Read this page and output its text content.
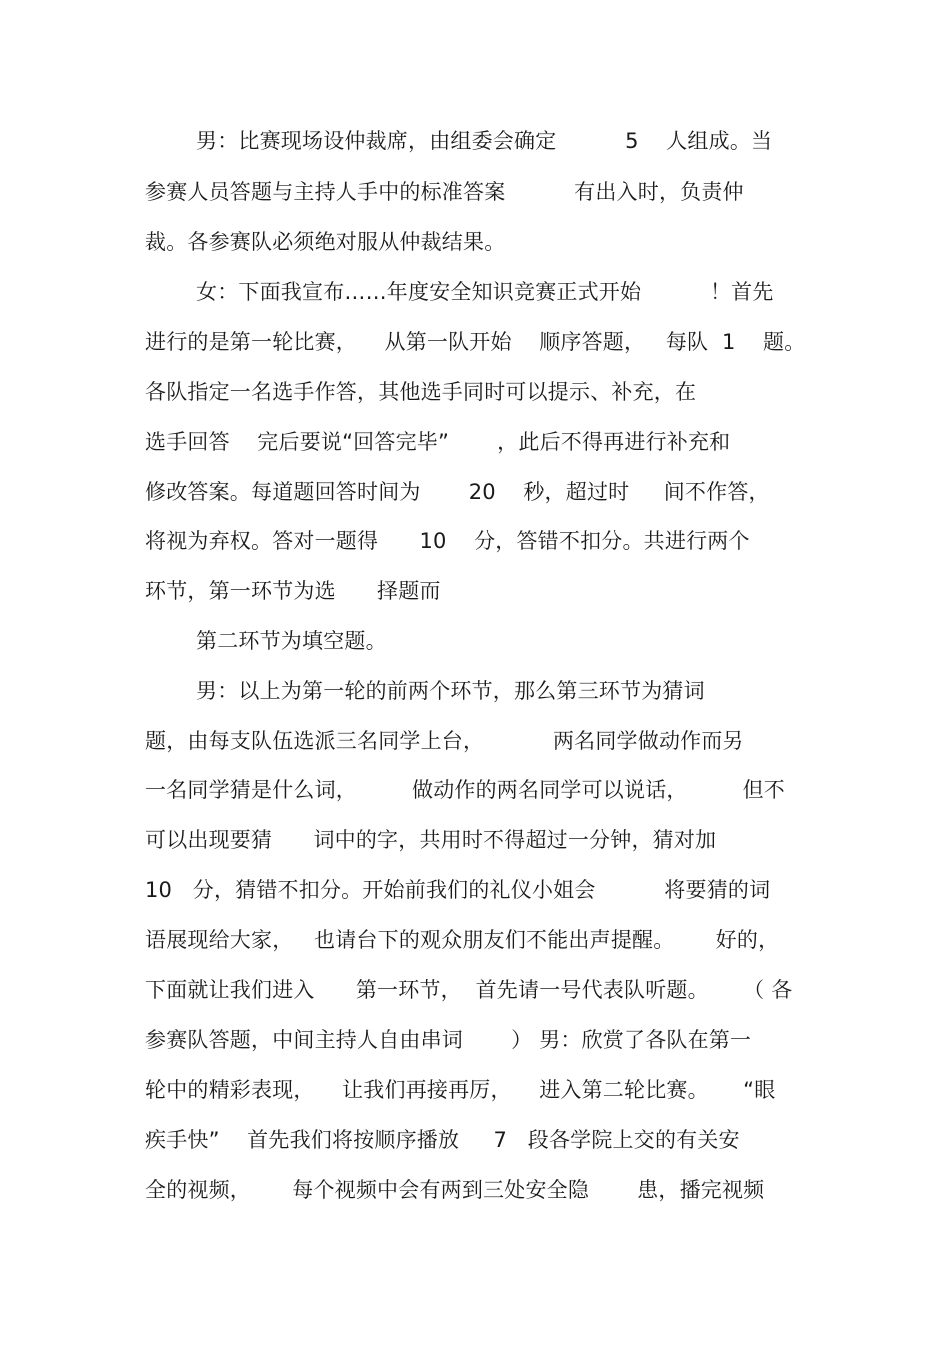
男：比赛现场设仲裁席，由组委会确定          5    人组成。当
参赛人员答题与主持人手中的标准答案          有出入时，负责仲
裁。各参赛队必须绝对服从仲裁结果。
女：下面我宣布……年度安全知识竞赛正式开始          ！首先
进行的是第一轮比赛，    从第一队开始    顺序答题，   每队  1    题。
各队指定一名选手作答，其他选手同时可以提示、补充，在
选手回答    完后要说“回答完毕”       ，此后不得再进行补充和
修改答案。每道题回答时间为       20    秒，超过时     间不作答，
将视为弃权。答对一题得      10    分，答错不扣分。共进行两个
环节，第一环节为选      择题而
第二环节为填空题。
男：以上为第一轮的前两个环节，那么第三环节为猜词
题，由每支队伍选派三名同学上台，          两名同学做动作而另
一名同学猜是什么词，        做动作的两名同学可以说话，        但不
可以出现要猜      词中的字，共用时不得超过一分钟，猜对加
10   分，猜错不扣分。开始前我们的礼仪小姐会          将要猜的词
语展现给大家，   也请台下的观众朋友们不能出声提醒。      好的，
下面就让我们进入      第一环节，  首先请一号代表队听题。     （ 各
参赛队答题，中间主持人自由串词       ） 男：欣赏了各队在第一
轮中的精彩表现，    让我们再接再厉，    进入第二轮比赛。     “眼
疾手快”    首先我们将按顺序播放     7   段各学院上交的有关安
全的视频，      每个视频中会有两到三处安全隐       患，播完视频
